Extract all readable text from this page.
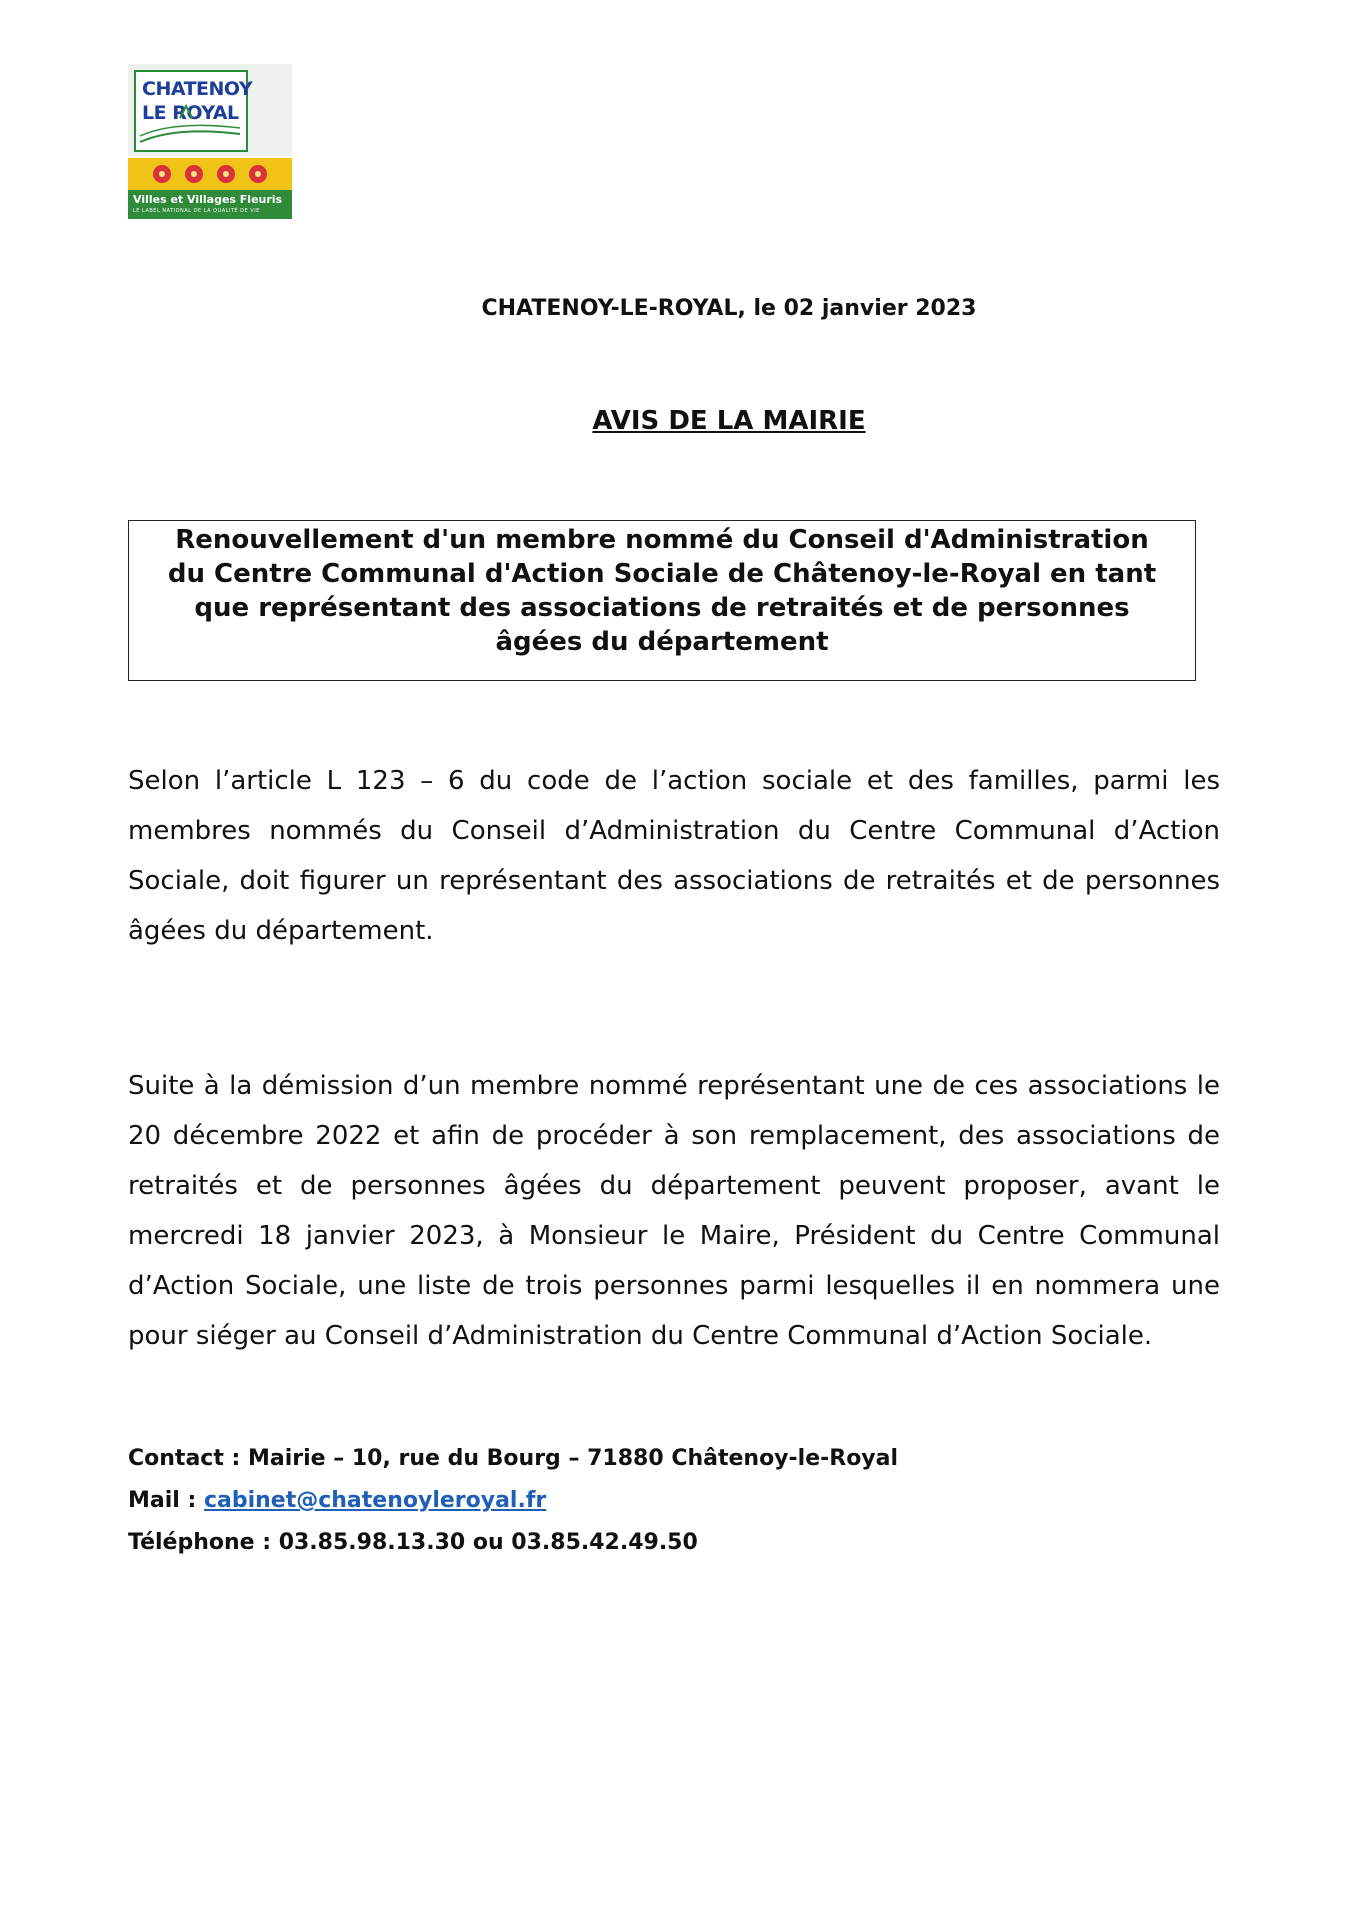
CHATENOY
LE ROYAL
Villes et Villages Fleuris
LE LABEL NATIONAL DE LA QUALITÉ DE VIE
CHATENOY-LE-ROYAL, le 02 janvier 2023
AVIS DE LA MAIRIE
Renouvellement d'un membre nommé du Conseil d'Administration
du Centre Communal d'Action Sociale de Châtenoy-le-Royal en tant
que représentant des associations de retraités et de personnes
âgées du département
Selon l’article L 123 – 6 du code de l’action sociale et des familles, parmi les membres nommés du Conseil d’Administration du Centre Communal d’Action Sociale, doit figurer un représentant des associations de retraités et de personnes âgées du département.
Suite à la démission d’un membre nommé représentant une de ces associations le 20 décembre 2022 et afin de procéder à son remplacement, des associations de retraités et de personnes âgées du département peuvent proposer, avant le mercredi 18 janvier 2023, à Monsieur le Maire, Président du Centre Communal d’Action Sociale, une liste de trois personnes parmi lesquelles il en nommera une pour siéger au Conseil d’Administration du Centre Communal d’Action Sociale.
Contact : Mairie – 10, rue du Bourg – 71880 Châtenoy-le-Royal
Mail : cabinet@chatenoyleroyal.fr
Téléphone : 03.85.98.13.30 ou 03.85.42.49.50
